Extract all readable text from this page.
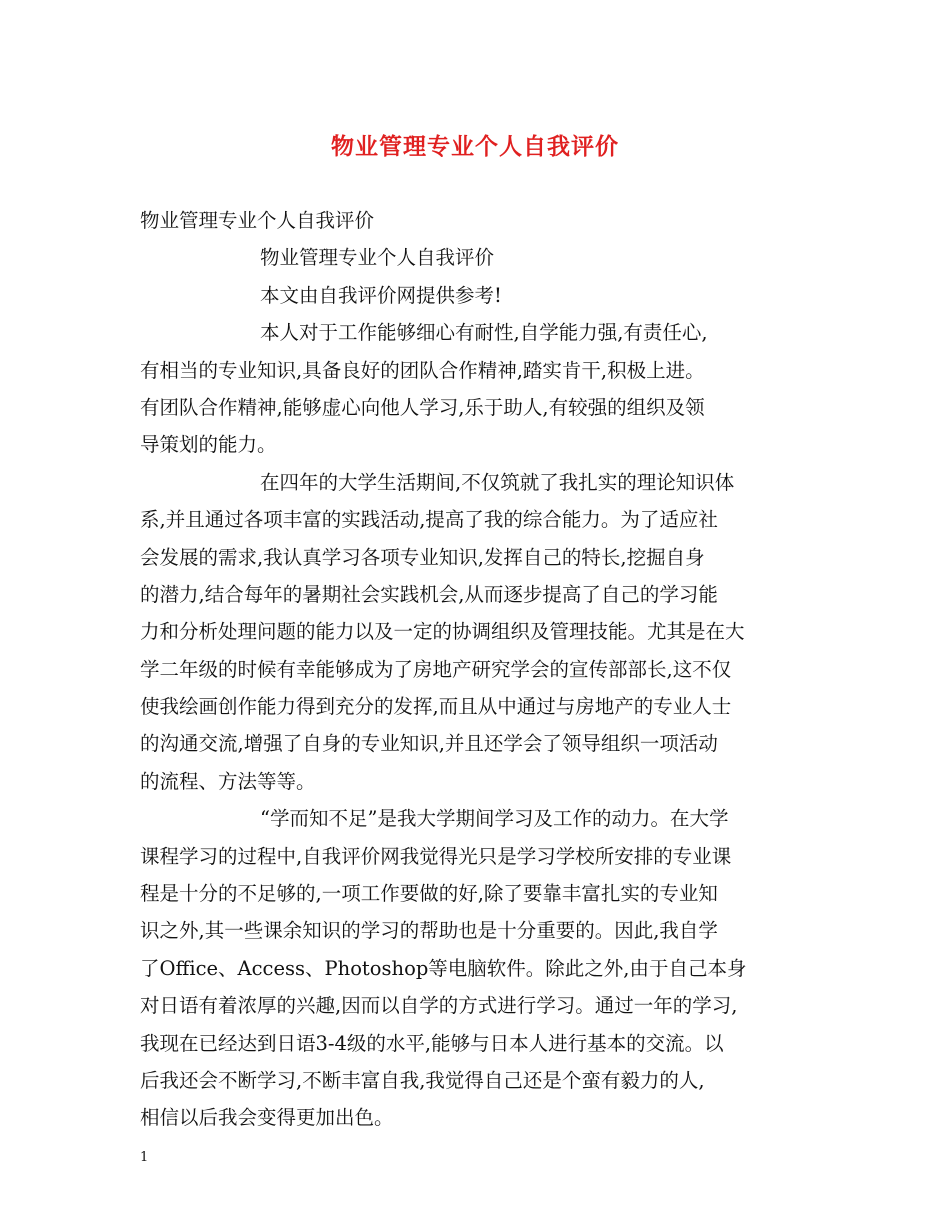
物业管理专业个人自我评价
物业管理专业个人自我评价
物业管理专业个人自我评价
本文由自我评价网提供参考!
本人对于工作能够细心有耐性,自学能力强,有责任心,
有相当的专业知识,具备良好的团队合作精神,踏实肯干,积极上进。
有团队合作精神,能够虚心向他人学习,乐于助人,有较强的组织及领
导策划的能力。
在四年的大学生活期间,不仅筑就了我扎实的理论知识体
系,并且通过各项丰富的实践活动,提高了我的综合能力。为了适应社
会发展的需求,我认真学习各项专业知识,发挥自己的特长,挖掘自身
的潜力,结合每年的暑期社会实践机会,从而逐步提高了自己的学习能
力和分析处理问题的能力以及一定的协调组织及管理技能。尤其是在大
学二年级的时候有幸能够成为了房地产研究学会的宣传部部长,这不仅
使我绘画创作能力得到充分的发挥,而且从中通过与房地产的专业人士
的沟通交流,增强了自身的专业知识,并且还学会了领导组织一项活动
的流程、方法等等。
“学而知不足”是我大学期间学习及工作的动力。在大学
课程学习的过程中,自我评价网我觉得光只是学习学校所安排的专业课
程是十分的不足够的,一项工作要做的好,除了要靠丰富扎实的专业知
识之外,其一些课余知识的学习的帮助也是十分重要的。因此,我自学
了Office、Access、Photoshop等电脑软件。除此之外,由于自己本身
对日语有着浓厚的兴趣,因而以自学的方式进行学习。通过一年的学习,
我现在已经达到日语3-4级的水平,能够与日本人进行基本的交流。以
后我还会不断学习,不断丰富自我,我觉得自己还是个蛮有毅力的人,
相信以后我会变得更加出色。
1
